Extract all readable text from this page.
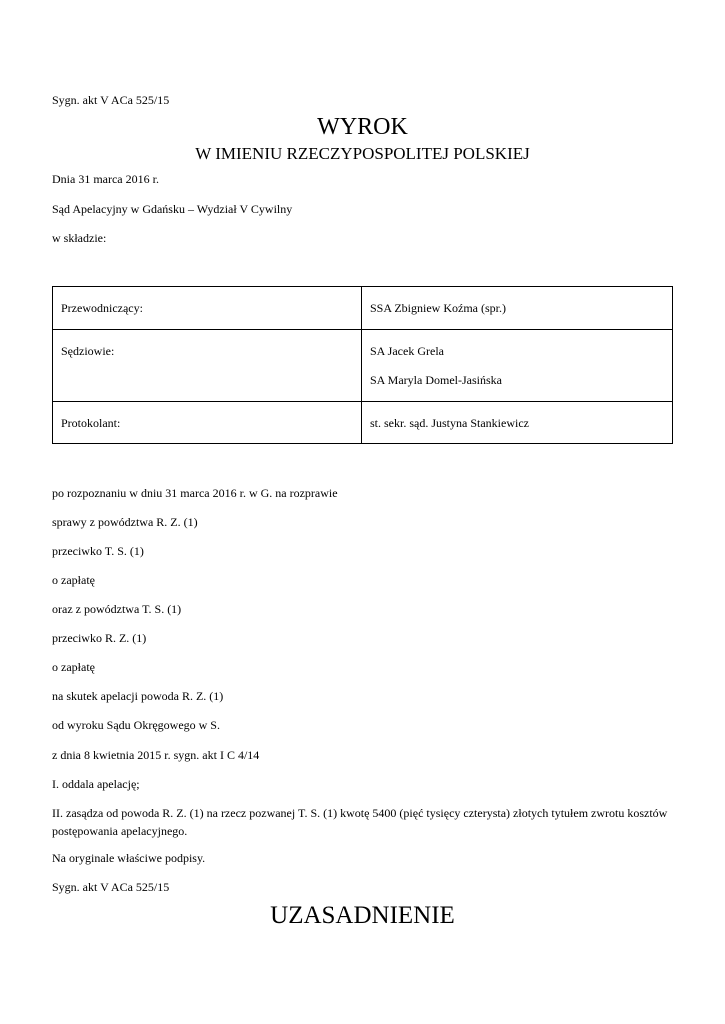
Sygn. akt V ACa 525/15
WYROK
W IMIENIU RZECZYPOSPOLITEJ POLSKIEJ
Dnia 31 marca 2016 r.
Sąd Apelacyjny w Gdańsku – Wydział V Cywilny
w składzie:
Przewodniczący:	SSA Zbigniew Koźma (spr.)
Sędziowie:	SA Jacek Grela
SA Maryla Domel-Jasińska
Protokolant:	st. sekr. sąd. Justyna Stankiewicz
po rozpoznaniu w dniu 31 marca 2016 r. w G. na rozprawie
sprawy z powództwa R. Z. (1)
przeciwko T. S. (1)
o zapłatę
oraz z powództwa T. S. (1)
przeciwko R. Z. (1)
o zapłatę
na skutek apelacji powoda R. Z. (1)
od wyroku Sądu Okręgowego w S.
z dnia 8 kwietnia 2015 r. sygn. akt I C 4/14
I. oddala apelację;
II. zasądza od powoda R. Z. (1) na rzecz pozwanej T. S. (1) kwotę 5400 (pięć tysięcy czterysta) złotych tytułem zwrotu kosztów postępowania apelacyjnego.
Na oryginale właściwe podpisy.
Sygn. akt V ACa 525/15
UZASADNIENIE
